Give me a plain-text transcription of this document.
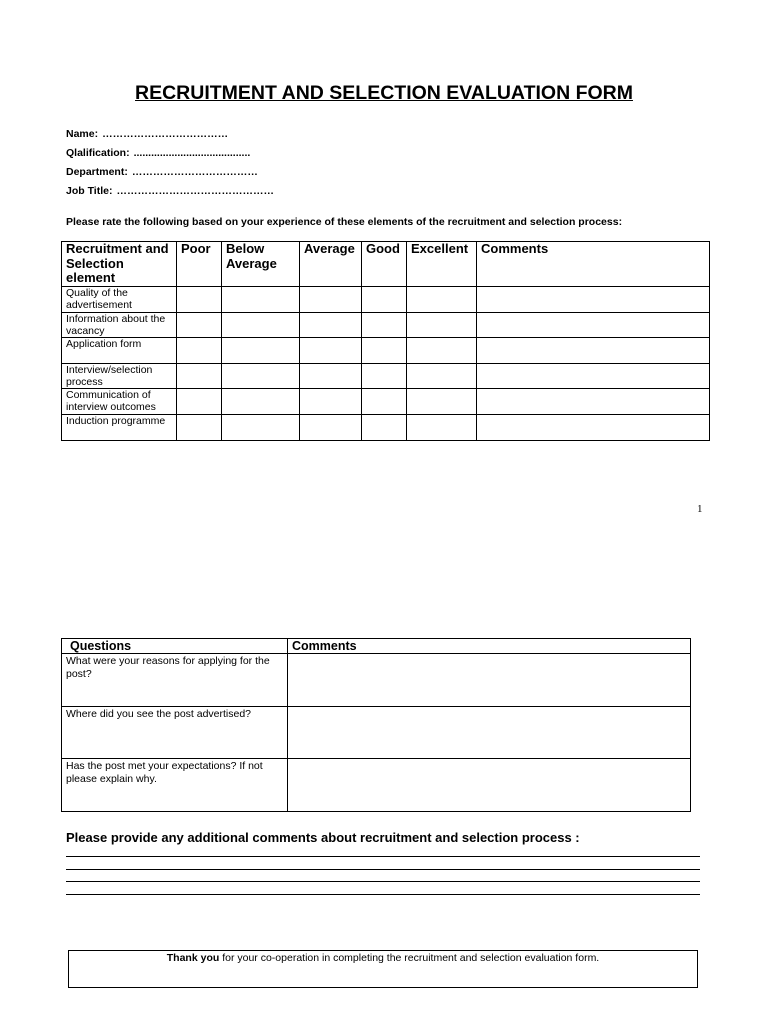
RECRUITMENT AND SELECTION EVALUATION FORM
Name: ………………………………
Qlalification: ........................................
Department: ………………………………
Job Title: ………………………………………
Please rate the following based on your experience of these elements of the recruitment and selection process:
Recruitment and Selection element	Poor	Below Average	Average	Good	Excellent	Comments
Quality of the advertisement						
Information about the vacancy						
Application form						
Interview/selection process						
Communication of interview outcomes						
Induction programme						
1
Questions	Comments
What were your reasons for applying for the post?	
Where did you see the post advertised?	
Has the post met your expectations? If not please explain why.	
Please provide any additional comments about recruitment and selection process :
Thank you for your co-operation in completing the recruitment and selection evaluation form.
